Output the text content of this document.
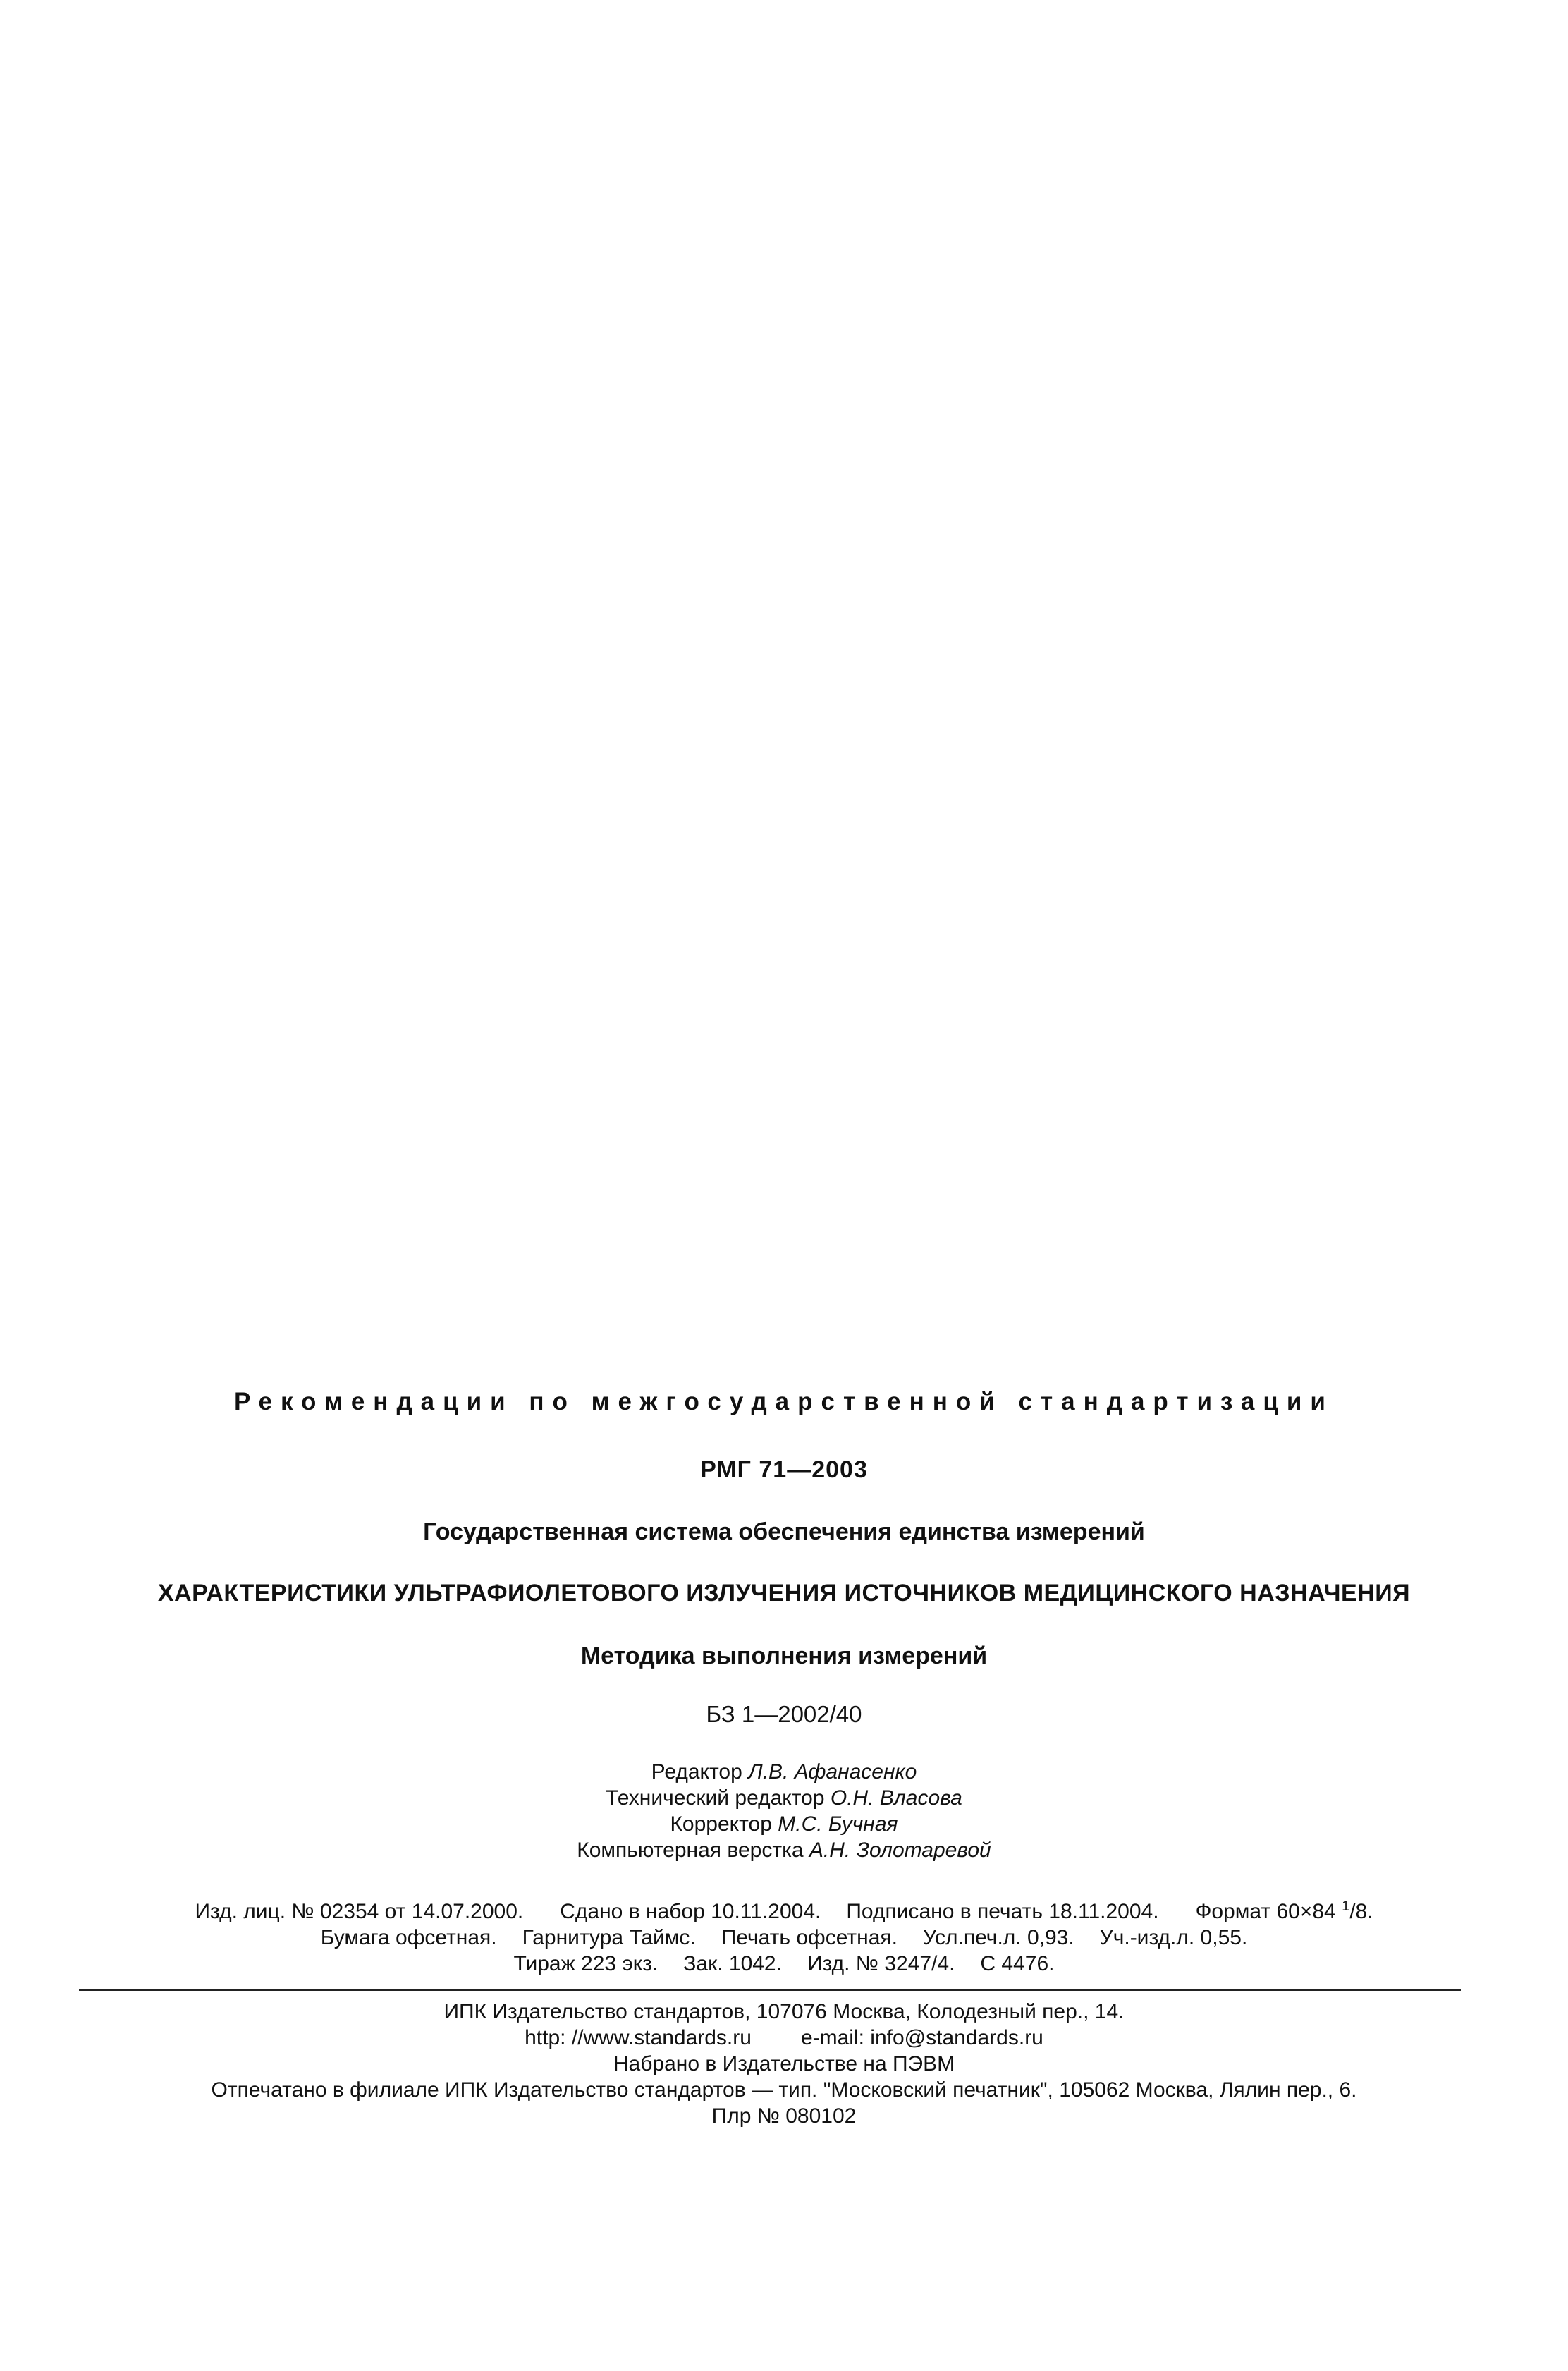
Рекомендации по межгосударственной стандартизации
РМГ 71—2003
Государственная система обеспечения единства измерений
ХАРАКТЕРИСТИКИ УЛЬТРАФИОЛЕТОВОГО ИЗЛУЧЕНИЯ ИСТОЧНИКОВ МЕДИЦИНСКОГО НАЗНАЧЕНИЯ
Методика выполнения измерений
БЗ 1—2002/40
Редактор Л.В. Афанасенко
Технический редактор О.Н. Власова
Корректор М.С. Бучная
Компьютерная верстка А.Н. Золотаревой
Изд. лиц. № 02354 от 14.07.2000. Сдано в набор 10.11.2004. Подписано в печать 18.11.2004. Формат 60×84 $^1$/8.
Бумага офсетная. Гарнитура Таймс. Печать офсетная. Усл.печ.л. 0,93. Уч.-изд.л. 0,55.
Тираж 223 экз. Зак. 1042. Изд. № 3247/4. С 4476.
ИПК Издательство стандартов, 107076 Москва, Колодезный пер., 14.
http: //www.standards.ru e-mail: info@standards.ru
Набрано в Издательстве на ПЭВМ
Отпечатано в филиале ИПК Издательство стандартов — тип. "Московский печатник", 105062 Москва, Лялин пер., 6.
Плр № 080102
